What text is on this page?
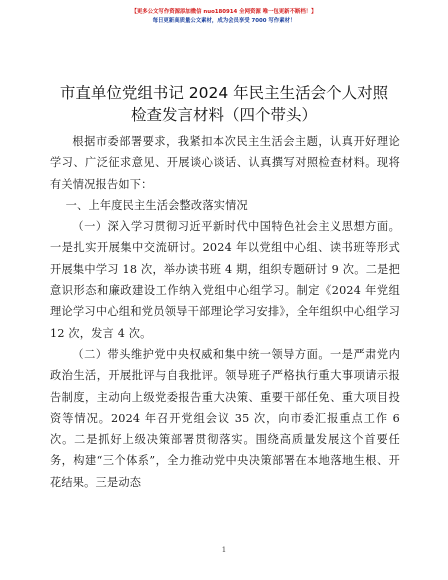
【更多公文写作资源添加微信 nuo180914 全网资源 唯一包更新不断档！】
每日更新高质量公文素材，成为会员享受 7000 写作素材！
市直单位党组书记 2024 年民主生活会个人对照
检查发言材料（四个带头）

根据市委部署要求，我紧扣本次民主生活会主题，认真开好理论学习、广泛征求意见、开展谈心谈话、认真撰写对照检查材料。现将有关情况报告如下：

一、上年度民主生活会整改落实情况

（一）深入学习贯彻习近平新时代中国特色社会主义思想方面。一是扎实开展集中交流研讨。2024 年以党组中心组、读书班等形式开展集中学习 18 次，举办读书班 4 期，组织专题研讨 9 次。二是把意识形态和廉政建设工作纳入党组中心组学习。制定《2024 年党组理论学习中心组和党员领导干部理论学习安排》，全年组织中心组学习 12 次，发言 4 次。

（二）带头维护党中央权威和集中统一领导方面。一是严肃党内政治生活，开展批评与自我批评。领导班子严格执行重大事项请示报告制度，主动向上级党委报告重大决策、重要干部任免、重大项目投资等情况。2024 年召开党组会议 35 次，向市委汇报重点工作 6 次。二是抓好上级决策部署贯彻落实。围绕高质量发展这个首要任务，构建“三个体系”，全力推动党中央决策部署在本地落地生根、开花结果。三是动态

1
